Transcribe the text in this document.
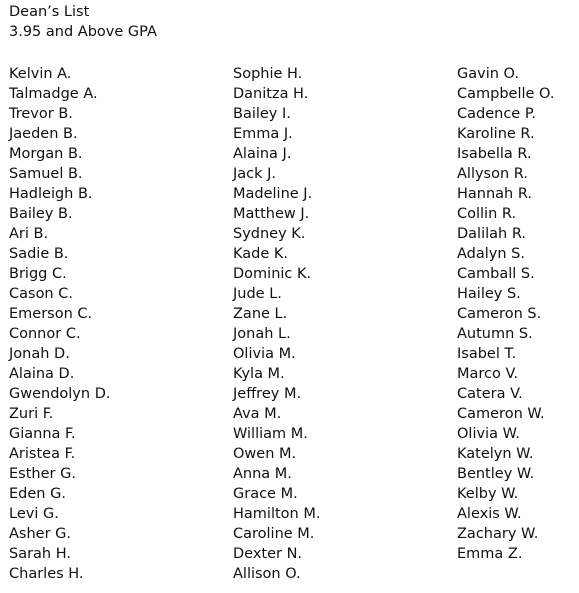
Dean’s List
3.95 and Above GPA
Kelvin A.
Talmadge A.
Trevor B.
Jaeden B.
Morgan B.
Samuel B.
Hadleigh B.
Bailey B.
Ari B.
Sadie B.
Brigg C.
Cason C.
Emerson C.
Connor C.
Jonah D.
Alaina D.
Gwendolyn D.
Zuri F.
Gianna F.
Aristea F.
Esther G.
Eden G.
Levi G.
Asher G.
Sarah H.
Charles H.
Sophie H.
Danitza H.
Bailey I.
Emma J.
Alaina J.
Jack J.
Madeline J.
Matthew J.
Sydney K.
Kade K.
Dominic K.
Jude L.
Zane L.
Jonah L.
Olivia M.
Kyla M.
Jeffrey M.
Ava M.
William M.
Owen M.
Anna M.
Grace M.
Hamilton M.
Caroline M.
Dexter N.
Allison O.
Gavin O.
Campbelle O.
Cadence P.
Karoline R.
Isabella R.
Allyson R.
Hannah R.
Collin R.
Dalilah R.
Adalyn S.
Camball S.
Hailey S.
Cameron S.
Autumn S.
Isabel T.
Marco V.
Catera V.
Cameron W.
Olivia W.
Katelyn W.
Bentley W.
Kelby W.
Alexis W.
Zachary W.
Emma Z.
